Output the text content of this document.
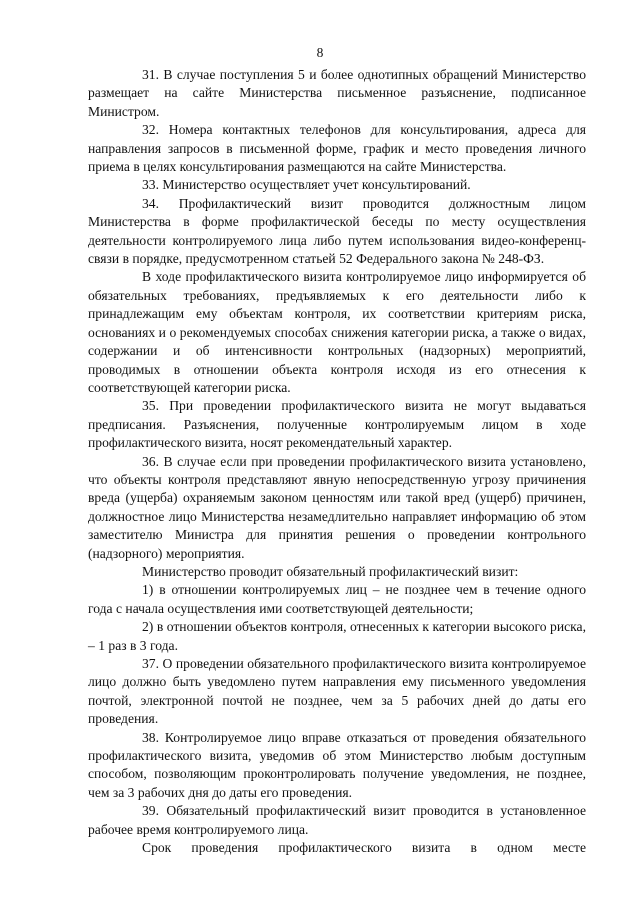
8

31. В случае поступления 5 и более однотипных обращений Министерство размещает на сайте Министерства письменное разъяснение, подписанное Министром.

32. Номера контактных телефонов для консультирования, адреса для направления запросов в письменной форме, график и место проведения личного приема в целях консультирования размещаются на сайте Министерства.

33. Министерство осуществляет учет консультирований.

34. Профилактический визит проводится должностным лицом Министерства в форме профилактической беседы по месту осуществления деятельности контролируемого лица либо путем использования видео-конференц-связи в порядке, предусмотренном статьей 52 Федерального закона № 248-ФЗ.

В ходе профилактического визита контролируемое лицо информируется об обязательных требованиях, предъявляемых к его деятельности либо к принадлежащим ему объектам контроля, их соответствии критериям риска, основаниях и о рекомендуемых способах снижения категории риска, а также о видах, содержании и об интенсивности контрольных (надзорных) мероприятий, проводимых в отношении объекта контроля исходя из его отнесения к соответствующей категории риска.

35. При проведении профилактического визита не могут выдаваться предписания. Разъяснения, полученные контролируемым лицом в ходе профилактического визита, носят рекомендательный характер.

36. В случае если при проведении профилактического визита установлено, что объекты контроля представляют явную непосредственную угрозу причинения вреда (ущерба) охраняемым законом ценностям или такой вред (ущерб) причинен, должностное лицо Министерства незамедлительно направляет информацию об этом заместителю Министра для принятия решения о проведении контрольного (надзорного) мероприятия.

Министерство проводит обязательный профилактический визит:

1) в отношении контролируемых лиц – не позднее чем в течение одного года с начала осуществления ими соответствующей деятельности;

2) в отношении объектов контроля, отнесенных к категории высокого риска, – 1 раз в 3 года.

37. О проведении обязательного профилактического визита контролируемое лицо должно быть уведомлено путем направления ему письменного уведомления почтой, электронной почтой не позднее, чем за 5 рабочих дней до даты его проведения.

38. Контролируемое лицо вправе отказаться от проведения обязательного профилактического визита, уведомив об этом Министерство любым доступным способом, позволяющим проконтролировать получение уведомления, не позднее, чем за 3 рабочих дня до даты его проведения.

39. Обязательный профилактический визит проводится в установленное рабочее время контролируемого лица.

Срок проведения профилактического визита в одном месте
